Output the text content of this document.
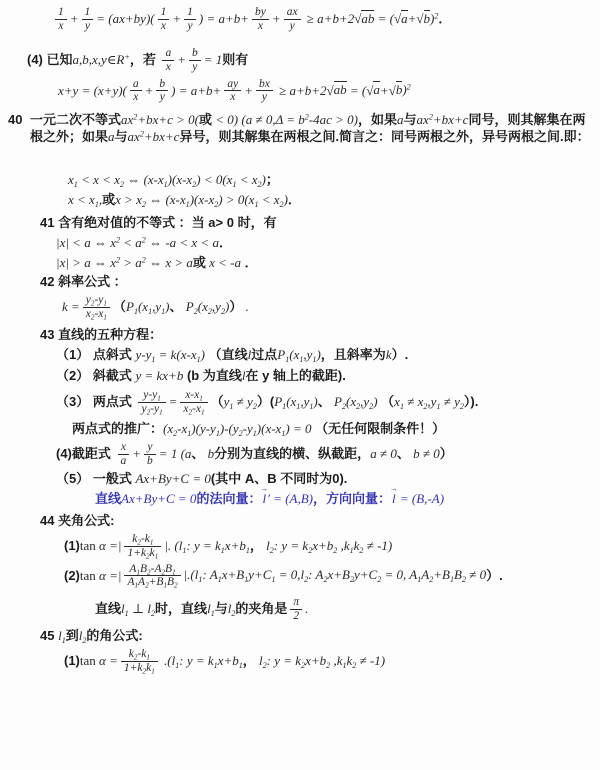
$\frac{1}{x} + \frac{1}{y} = (ax+by)( \frac{1}{x} + \frac{1}{y}$ ) = $a+b+ \frac{by}{x} + \frac{ax}{y} \ge a+b+2√ab = (√a+√b)^2$．
(4) 已知a,b,x,y∈R+，若 $\frac{a}{x} + \frac{b}{y} = 1$则有
$x+y = (x+y)( \frac{a}{x} + \frac{b}{y}$ ) = $a+b+ \frac{ay}{x} + \frac{bx}{y} \ge a+b+2√ab = (√a+√b)^2$
40 一元二次不等式$ax^2+bx+c > 0$(或 < 0) $(a \ne 0,\Delta = b^2-4ac > 0)$，如果a与$ax^2+bx+c$同号，则其解集在两根之外；如果a与$ax^2+bx+c$异号，则其解集在两根之间.简言之：同号两根之外，异号两根之间.即：
$x_1 < x < x_2$ ⇔ $(x-x_1)(x-x_2) < 0(x_1 < x_2)$；
$x < x_1$,或$x > x_2$ ⇔ $(x-x_1)(x-x_2) > 0(x_1 < x_2)$．
41 含有绝对值的不等式 ：当 a> 0 时，有
|x| < a ⇔ $x^2 < a^2$ ⇔ -a < x < a．
|x| > a ⇔ $x^2 > a^2$ ⇔ x > a或 x < -a ．
42 斜率公式 ：
$k = \frac{y_2-y_1}{x_2-x_1} (P_1(x_1,y_1)$、 $P_2(x_2,y_2)$） .
43 直线的五种方程：
（1） 点斜式 $y-y_1 = k(x-x_1)$ （直线l过点$P_1(x_1,y_1)$，且斜率为k）.
（2） 斜截式 y = kx+b (b 为直线l在 y 轴上的截距).
（3） 两点式 $\frac{y-y_1}{y_2-y_1} = \frac{x-x_1}{x_2-x_1} (y_1 \ne y_2)(P_1(x_1,y_1)$、 $P_2(x_2,y_2) (x_1 \ne x_2,y_1 \ne y_2)$).
两点式的推广：$(x_2-x_1)(y-y_1)-(y_2-y_1)(x-x_1) = 0$ （无任何限制条件！）
(4)截距式 $\frac{x}{a} + \frac{y}{b} = 1$ (a、 b分别为直线的横、纵截距，a ≠ 0、 b ≠ 0）
（5） 一般式 Ax+By+C = 0(其中 A、B 不同时为0).
直线Ax+By+C = 0的法向量：l →′ = (A,B)，方向向量：l → = (B,-A)
44 夹角公式:
(1)tan α =| $\frac{k_2-k_1}{1+k_2k_1}$ |. ($l_1$: $y = k_1x+b_1$， $l_2$: $y = k_2x+b_2$ $,k_1k_2 \ne -1$)
(2)tan α =| $\frac{A_1B_2-A_2B_1}{A_1A_2+B_1B_2} |.(l_1$: $A_1x+B_1y+C_1 = 0,l_2$: $A_2x+B_2y+C_2 = 0$, $A_1A_2+B_1B_2 \ne 0$）.
直线$l_1$ ⊥ $l_2$时，直线$l_1$与$l_2$的夹角是 $\frac{\pi}{2}$ .
45 $l_1$到$l_2$的角公式:
(1)tan $\alpha = \frac{k_2-k_1}{1+k_2k_1} .(l_1$: $y = k_1x+b_1$， $l_2$: $y = k_2x+b_2$ $,k_1k_2 \ne -1$)
